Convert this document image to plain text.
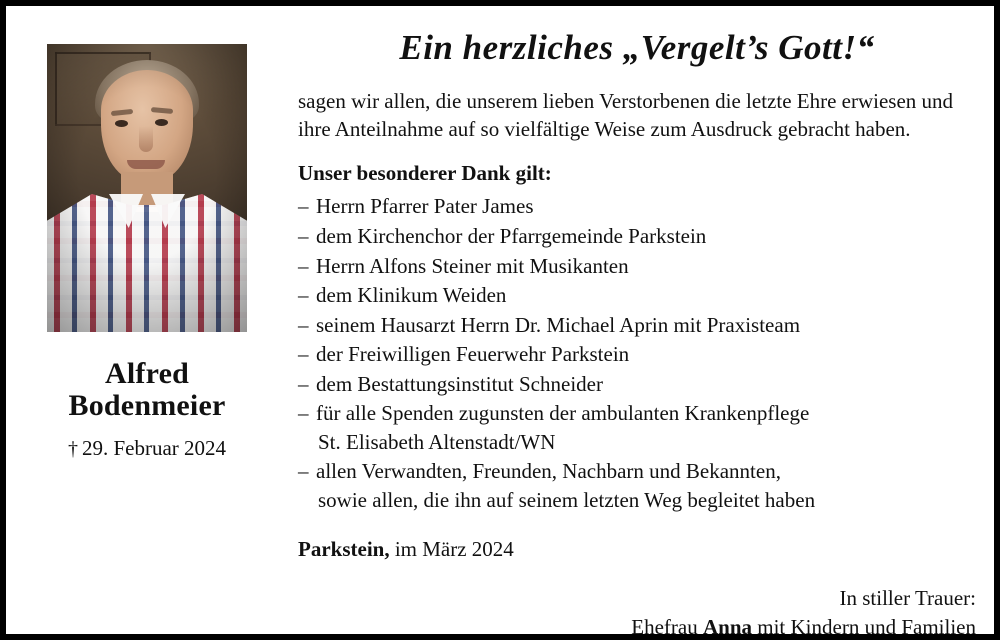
Alfred
Bodenmeier
† 29. Februar 2024
Ein herzliches „Vergelt’s Gott!“

sagen wir allen, die unserem lieben Verstorbenen die letzte Ehre erwiesen und ihre Anteilnahme auf so vielfältige Weise zum Ausdruck gebracht haben.

Unser besonderer Dank gilt:

– Herrn Pfarrer Pater James
– dem Kirchenchor der Pfarrgemeinde Parkstein
– Herrn Alfons Steiner mit Musikanten
– dem Klinikum Weiden
– seinem Hausarzt Herrn Dr. Michael Aprin mit Praxisteam
– der Freiwilligen Feuerwehr Parkstein
– dem Bestattungsinstitut Schneider
– für alle Spenden zugunsten der ambulanten Krankenpflege
St. Elisabeth Altenstadt/WN
– allen Verwandten, Freunden, Nachbarn und Bekannten,
sowie allen, die ihn auf seinem letzten Weg begleitet haben
Parkstein, im März 2024
In stiller Trauer:
Ehefrau Anna mit Kindern und Familien
